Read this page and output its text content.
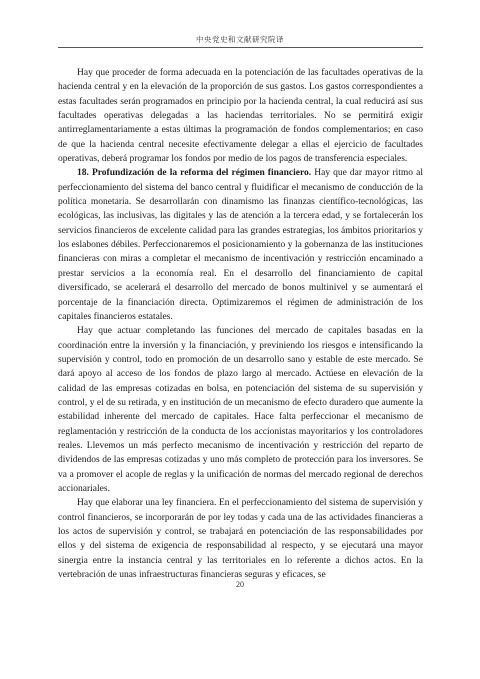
中央党史和文献研究院译

Hay que proceder de forma adecuada en la potenciación de las facultades operativas de la hacienda central y en la elevación de la proporción de sus gastos. Los gastos correspondientes a estas facultades serán programados en principio por la hacienda central, la cual reducirá así sus facultades operativas delegadas a las haciendas territoriales. No se permitirá exigir antirreglamentariamente a estas últimas la programación de fondos complementarios; en caso de que la hacienda central necesite efectivamente delegar a ellas el ejercicio de facultades operativas, deberá programar los fondos por medio de los pagos de transferencia especiales.

18. Profundización de la reforma del régimen financiero. Hay que dar mayor ritmo al perfeccionamiento del sistema del banco central y fluidificar el mecanismo de conducción de la política monetaria. Se desarrollarán con dinamismo las finanzas científico-tecnológicas, las ecológicas, las inclusivas, las digitales y las de atención a la tercera edad, y se fortalecerán los servicios financieros de excelente calidad para las grandes estrategias, los ámbitos prioritarios y los eslabones débiles. Perfeccionaremos el posicionamiento y la gobernanza de las instituciones financieras con miras a completar el mecanismo de incentivación y restricción encaminado a prestar servicios a la economía real. En el desarrollo del financiamiento de capital diversificado, se acelerará el desarrollo del mercado de bonos multinivel y se aumentará el porcentaje de la financiación directa. Optimizaremos el régimen de administración de los capitales financieros estatales.

Hay que actuar completando las funciones del mercado de capitales basadas en la coordinación entre la inversión y la financiación, y previniendo los riesgos e intensificando la supervisión y control, todo en promoción de un desarrollo sano y estable de este mercado. Se dará apoyo al acceso de los fondos de plazo largo al mercado. Actúese en elevación de la calidad de las empresas cotizadas en bolsa, en potenciación del sistema de su supervisión y control, y el de su retirada, y en institución de un mecanismo de efecto duradero que aumente la estabilidad inherente del mercado de capitales. Hace falta perfeccionar el mecanismo de reglamentación y restricción de la conducta de los accionistas mayoritarios y los controladores reales. Llevemos un más perfecto mecanismo de incentivación y restricción del reparto de dividendos de las empresas cotizadas y uno más completo de protección para los inversores. Se va a promover el acople de reglas y la unificación de normas del mercado regional de derechos accionariales.

Hay que elaborar una ley financiera. En el perfeccionamiento del sistema de supervisión y control financieros, se incorporarán de por ley todas y cada una de las actividades financieras a los actos de supervisión y control, se trabajará en potenciación de las responsabilidades por ellos y del sistema de exigencia de responsabilidad al respecto, y se ejecutará una mayor sinergia entre la instancia central y las territoriales en lo referente a dichos actos. En la vertebración de unas infraestructuras financieras seguras y eficaces, se

20
